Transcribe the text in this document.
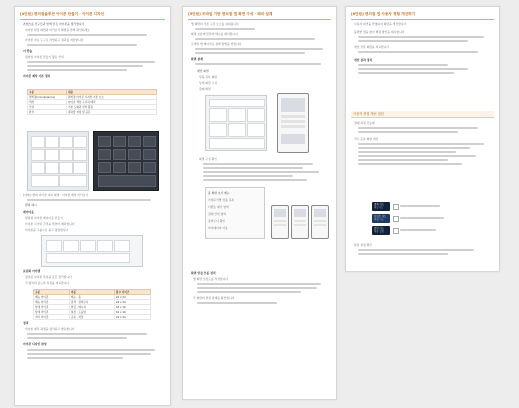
[4단원] 편의점솔루션 아이콘 만들기 · 아이콘 디자인
콘텐츠를 친구들과 함께 만든 아이콘을 정리합니다
아이콘 편집 화면과 미리보기 화면을 함께 확인하세요
아이콘 자료 도구로 작업하고 결과를 저장합니다
이 학습
편의점 아이콘 만들기 활동 안내
아이콘 제작 기본 정리
구분	내용
편의점(convenience)	편의점 아이콘 디자인 기본 요소
색상	아이콘 색상 구성과 배치
모양	기본 도형과 선의 활용
완성	결과물 저장 및 공유
[아래]: 편의 아이콘 예시 화면 · 아이콘 배치 미리보기
편의 예시
레이아웃
편의점 아이콘 레이아웃 만들기
아이콘 크기와 간격을 맞추어 배치합니다
아이콘을 그룹으로 묶고 정렬합니다
표준화 아이템
정리된 아이콘 목록을 표로 정리합니다
각 항목의 용도와 특징을 비교합니다
구분	이름	참고 사이즈
메뉴 아이콘	메뉴 · 홈	24 x 24
메뉴 아이콘	검색 · 장바구니	24 x 24
상태 아이콘	알림 · 메시지	16 x 16
상태 아이콘	설정 · 도움말	16 x 16
기타 아이콘	공유 · 저장	24 x 24
정리
아이콘 제작 과정을 정리하고 발표합니다
아이콘 디자인 완성
[5단원] 모바일 기반 편의점 앱 화면 구성 · 배치 설계
앱 화면의 기본 구성 요소를 살펴봅니다
화면 흐름에 맞추어 메뉴를 배치합니다
모바일 앱 레이아웃 설계 방법을 익힙니다
화면 설계
메인 화면
상품 목록 화면
상세 화면 구성
결제 화면
화면 구성 확인
홈 화면 보기 메뉴
카테고리별 상품 목록
이벤트 배너 영역
결제 안내 영역
장바구니 확인
마이페이지 이동
화면 연결 흐름 정리
앱 화면 흐름도를 작성합니다
각 화면의 연결 관계를 확인합니다
[6단원] 편의점 앱 사용자 경험 개선하기
사용자 의견을 반영하여 화면을 개선합니다
불편한 점을 찾아 해결 방안을 제시합니다
개선 전후 화면을 비교합니다
개선 결과 정리
사용자 경험 개선 점검
결제 과정 단순화
카드 등록 화면 개선
결제 카드
체크카드
포인트 카드
적립 카드
할인 카드
제휴 할인
알림 설정 확인
